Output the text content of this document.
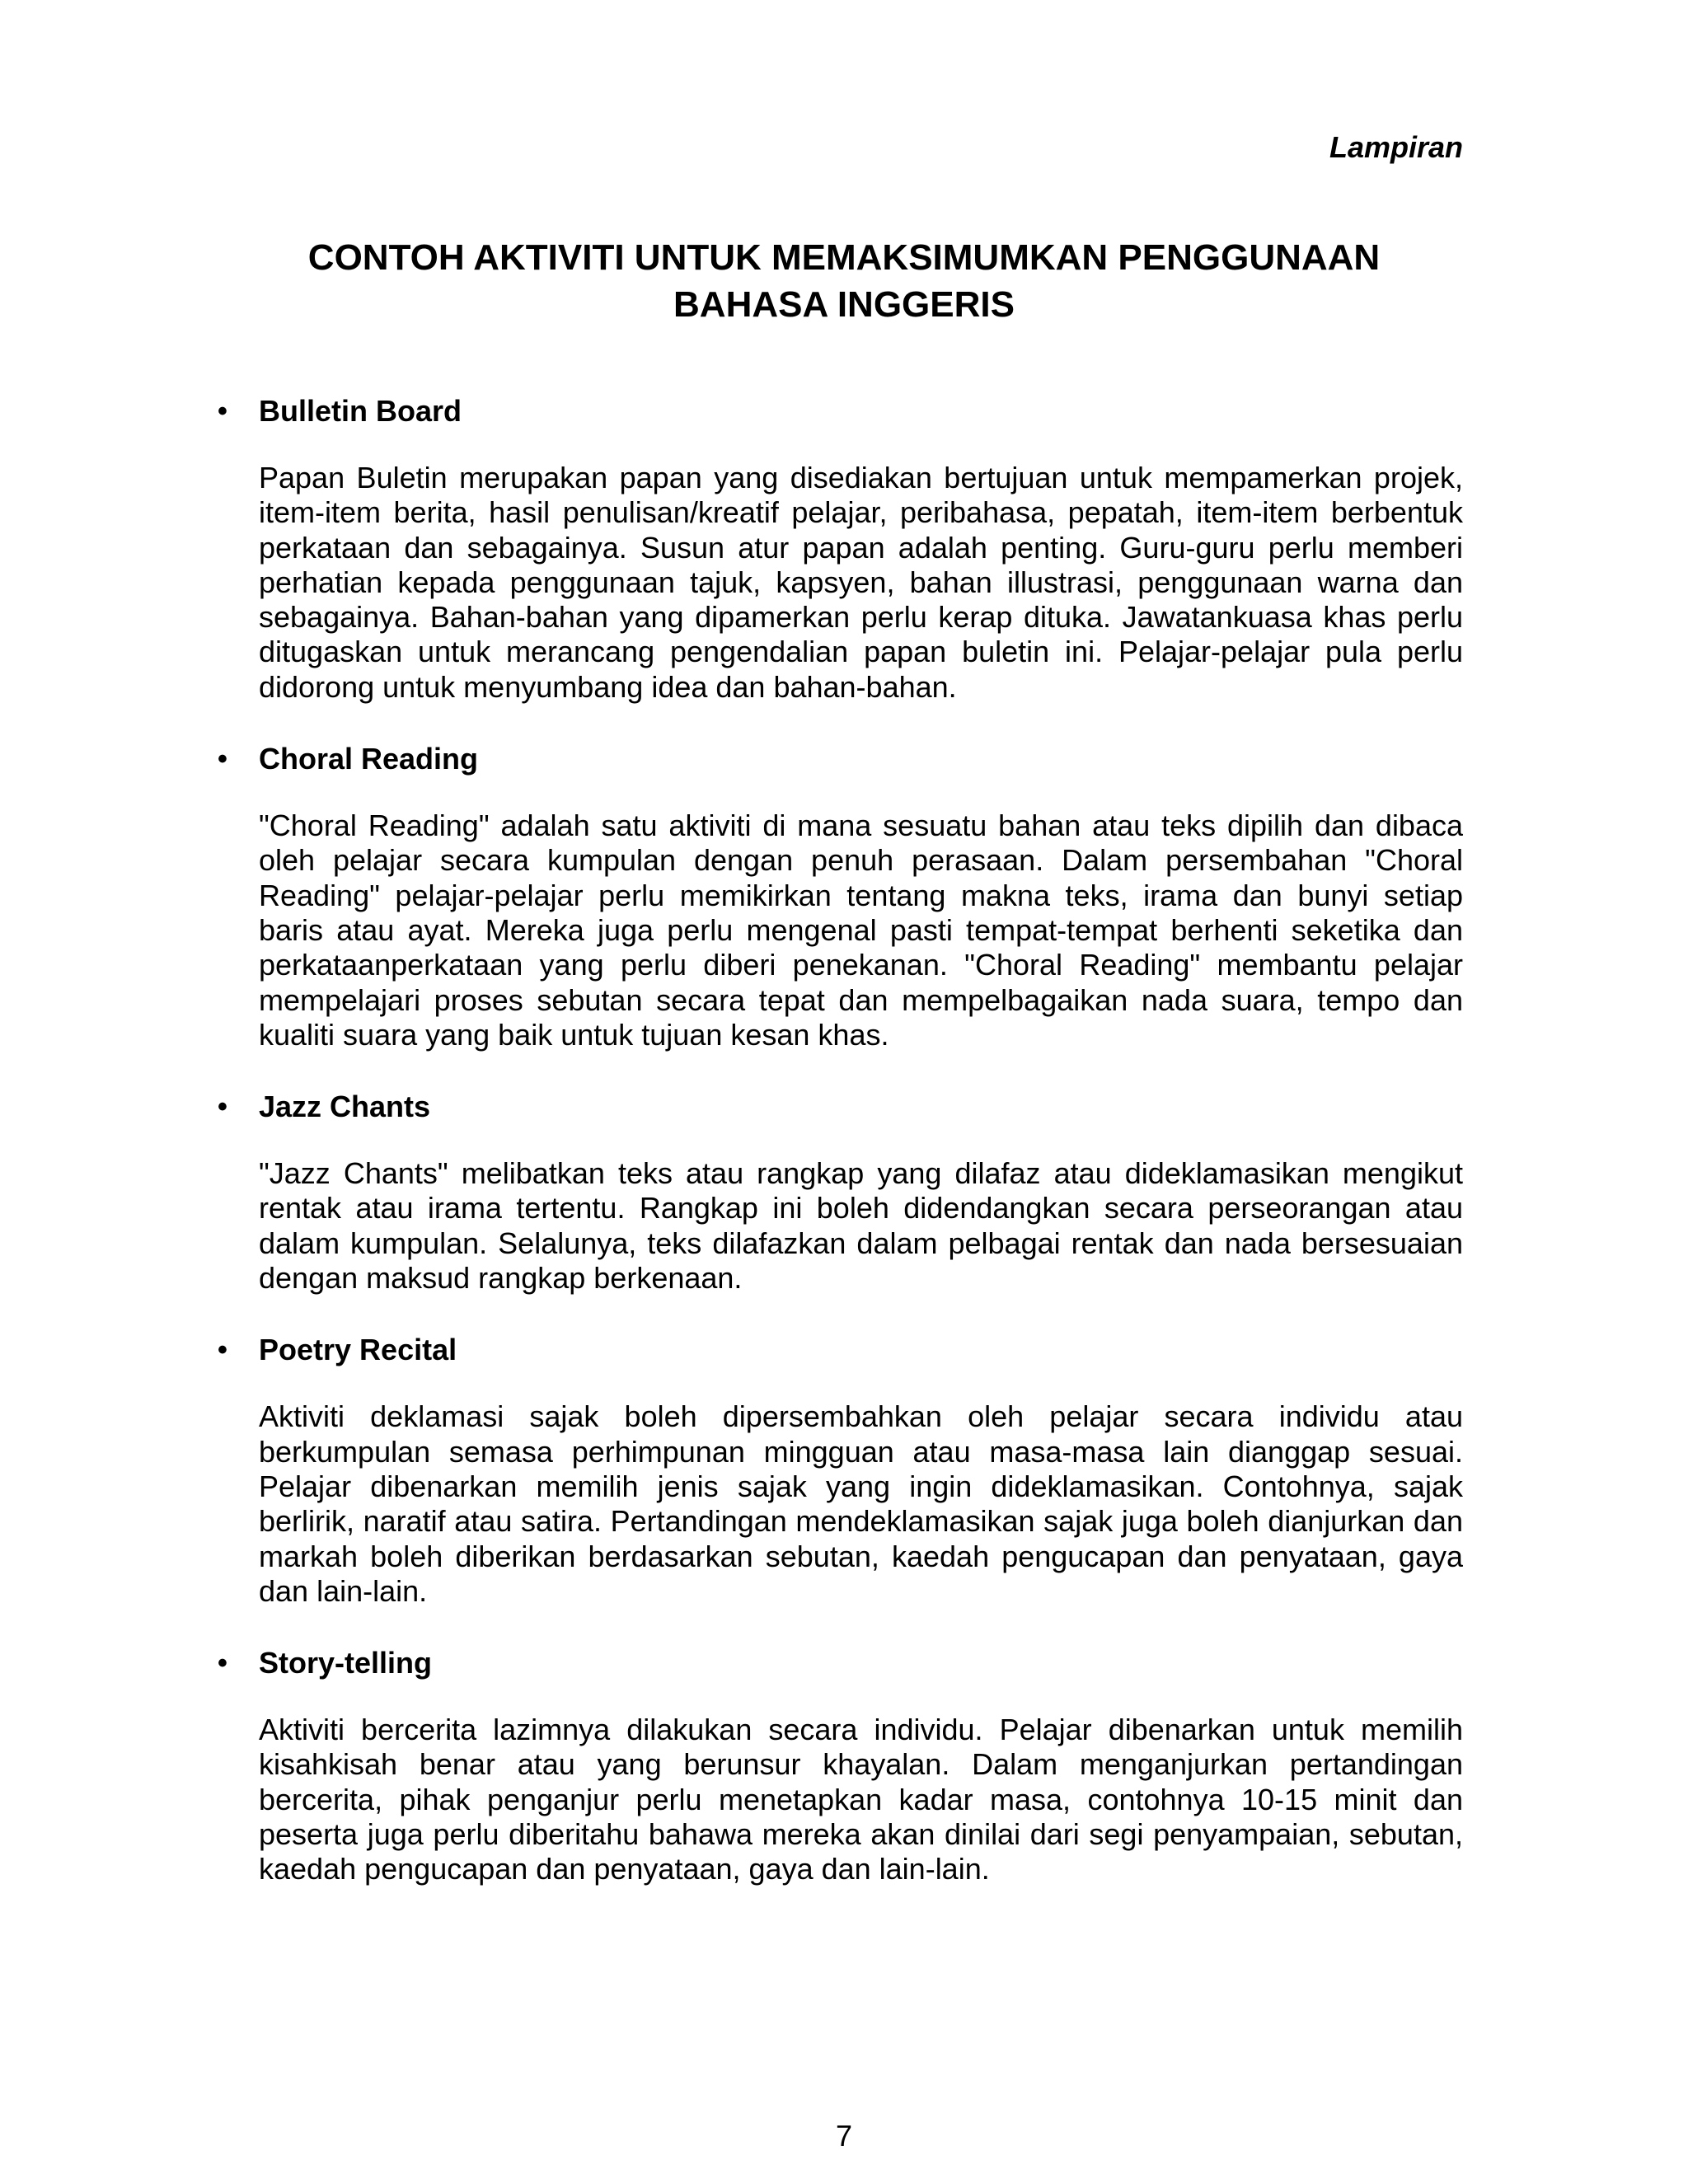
Lampiran
CONTOH AKTIVITI UNTUK MEMAKSIMUMKAN PENGGUNAAN
BAHASA INGGERIS
• Bulletin Board

Papan Buletin merupakan papan yang disediakan bertujuan untuk mempamerkan projek, item-item berita, hasil penulisan/kreatif pelajar, peribahasa, pepatah, item-item berbentuk perkataan dan sebagainya. Susun atur papan adalah penting. Guru-guru perlu memberi perhatian kepada penggunaan tajuk, kapsyen, bahan illustrasi, penggunaan warna dan sebagainya. Bahan-bahan yang dipamerkan perlu kerap dituka. Jawatankuasa khas perlu ditugaskan untuk merancang pengendalian papan buletin ini. Pelajar-pelajar pula perlu didorong untuk menyumbang idea dan bahan-bahan.

• Choral Reading

"Choral Reading" adalah satu aktiviti di mana sesuatu bahan atau teks dipilih dan dibaca oleh pelajar secara kumpulan dengan penuh perasaan. Dalam persembahan "Choral Reading" pelajar-pelajar perlu memikirkan tentang makna teks, irama dan bunyi setiap baris atau ayat. Mereka juga perlu mengenal pasti tempat-tempat berhenti seketika dan perkataanperkataan yang perlu diberi penekanan. "Choral Reading" membantu pelajar mempelajari proses sebutan secara tepat dan mempelbagaikan nada suara, tempo dan kualiti suara yang baik untuk tujuan kesan khas.

• Jazz Chants

"Jazz Chants" melibatkan teks atau rangkap yang dilafaz atau dideklamasikan mengikut rentak atau irama tertentu. Rangkap ini boleh didendangkan secara perseorangan atau dalam kumpulan. Selalunya, teks dilafazkan dalam pelbagai rentak dan nada bersesuaian dengan maksud rangkap berkenaan.

• Poetry Recital

Aktiviti deklamasi sajak boleh dipersembahkan oleh pelajar secara individu atau berkumpulan semasa perhimpunan mingguan atau masa-masa lain dianggap sesuai. Pelajar dibenarkan memilih jenis sajak yang ingin dideklamasikan. Contohnya, sajak berlirik, naratif atau satira. Pertandingan mendeklamasikan sajak juga boleh dianjurkan dan markah boleh diberikan berdasarkan sebutan, kaedah pengucapan dan penyataan, gaya dan lain-lain.

• Story-telling

Aktiviti bercerita lazimnya dilakukan secara individu. Pelajar dibenarkan untuk memilih kisahkisah benar atau yang berunsur khayalan. Dalam menganjurkan pertandingan bercerita, pihak penganjur perlu menetapkan kadar masa, contohnya 10-15 minit dan peserta juga perlu diberitahu bahawa mereka akan dinilai dari segi penyampaian, sebutan, kaedah pengucapan dan penyataan, gaya dan lain-lain.

7
